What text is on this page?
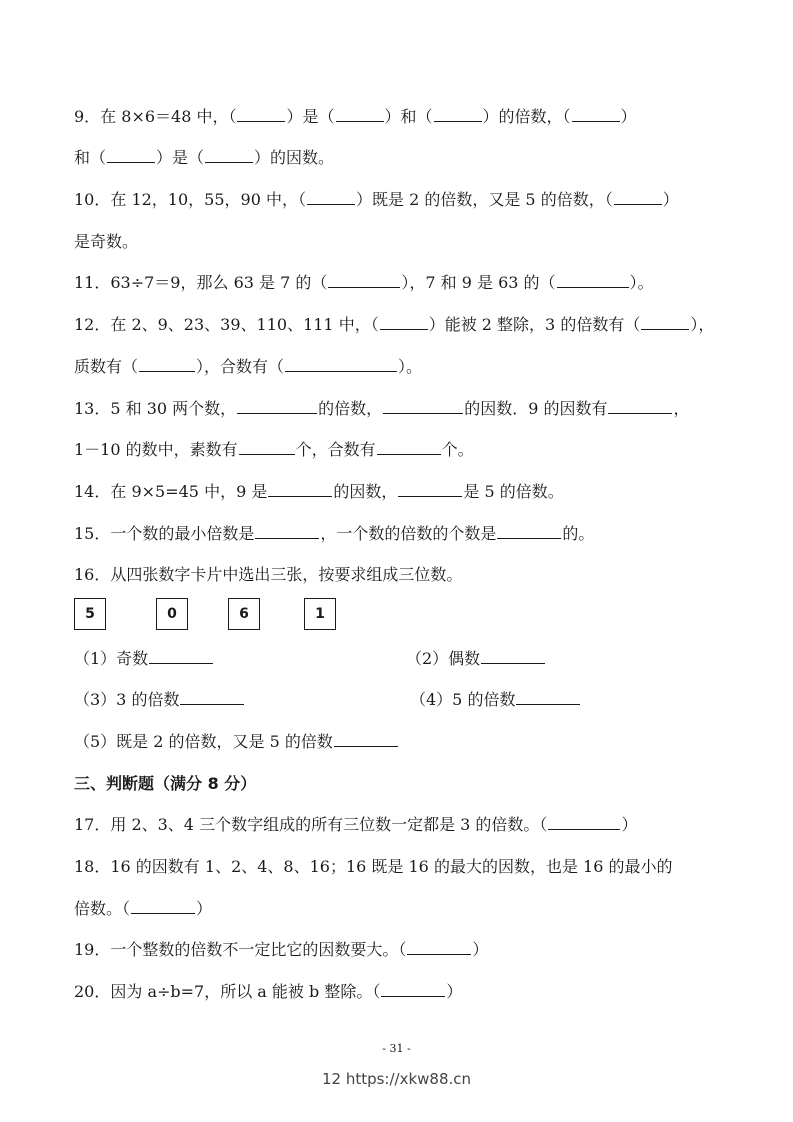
9．在 8×6＝48 中，（	）是（	）和（	）的倍数，（	）
和（	）是（	）的因数。
10．在 12，10，55，90 中，（	）既是 2 的倍数，又是 5 的倍数，（	）
是奇数。
11．63÷7＝9，那么 63 是 7 的（	），7 和 9 是 63 的（	）。
12．在 2、9、23、39、110、111 中，（	）能被 2 整除，3 的倍数有（	），
质数有（	），合数有（	）。
13．5 和 30 两个数，	的倍数，	的因数．9 的因数有	，
1－10 的数中，素数有	个，合数有	个。
14．在 9×5=45 中，9 是	的因数，	是 5 的倍数。
15．一个数的最小倍数是	，一个数的倍数的个数是	的。
16．从四张数字卡片中选出三张，按要求组成三位数。
5	0	6	1
（1）奇数	（2）偶数
（3）3 的倍数	（4）5 的倍数
（5）既是 2 的倍数，又是 5 的倍数
三、判断题（满分 8 分）
17．用 2、3、4 三个数字组成的所有三位数一定都是 3 的倍数。（	）
18．16 的因数有 1、2、4、8、16；16 既是 16 的最大的因数，也是 16 的最小的
倍数。（	）
19．一个整数的倍数不一定比它的因数要大。（	）
20．因为 a÷b=7，所以 a 能被 b 整除。（	）
- 31 -
12 https://xkw88.cn
